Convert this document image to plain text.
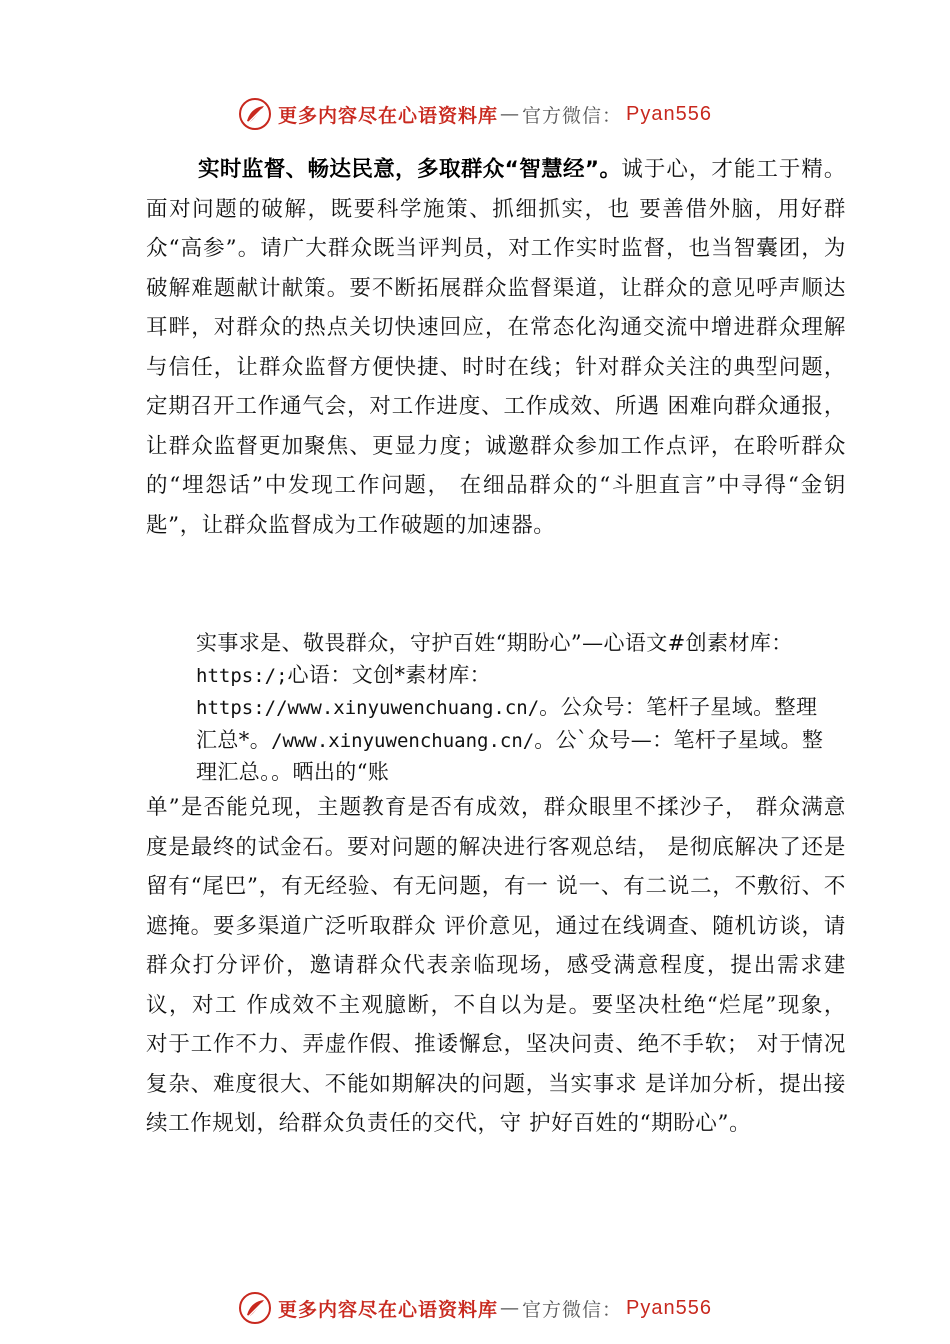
更多内容尽在心语资料库 — 官方微信 ： Pyan556

实时监督、畅达民意，多取群众“智慧经”。诚于心，才能工于精。面对问题的破解，既要科学施策、抓细抓实，也 要善借外脑，用好群众“高参”。请广大群众既当评判员，对工作实时监督，也当智囊团，为破解难题献计献策。要不断拓展群众监督渠道，让群众的意见呼声顺达耳畔，对群众的热点关切快速回应，在常态化沟通交流中增进群众理解与信任，让群众监督方便快捷、时时在线；针对群众关注的典型问题，定期召开工作通气会，对工作进度、工作成效、所遇 困难向群众通报，让群众监督更加聚焦、更显力度；诚邀群众参加工作点评，在聆听群众的“埋怨话”中发现工作问题， 在细品群众的“斗胆直言”中寻得“金钥匙”，让群众监督成为工作破题的加速器。

实事求是、敬畏群众，守护百姓“期盼心”—心语文#创素材库：https:/;心语：文创*素材库：https://www.xinyuwenchuang.cn/。公众号：笔杆子星域。整理汇总*。/www.xinyuwenchuang.cn/。公`众号—：笔杆子星域。整理汇总。。晒出的“账

单”是否能兑现，主题教育是否有成效，群众眼里不揉沙子， 群众满意度是最终的试金石。要对问题的解决进行客观总结， 是彻底解决了还是留有“尾巴”，有无经验、有无问题，有一 说一、有二说二，不敷衍、不遮掩。要多渠道广泛听取群众 评价意见，通过在线调查、随机访谈，请群众打分评价，邀请群众代表亲临现场，感受满意程度，提出需求建议，对工 作成效不主观臆断，不自以为是。要坚决杜绝“烂尾”现象， 对于工作不力、弄虚作假、推诿懈怠，坚决问责、绝不手软； 对于情况复杂、难度很大、不能如期解决的问题，当实事求 是详加分析，提出接续工作规划，给群众负责任的交代，守 护好百姓的“期盼心”。

更多内容尽在心语资料库 — 官方微信 ： Pyan556
